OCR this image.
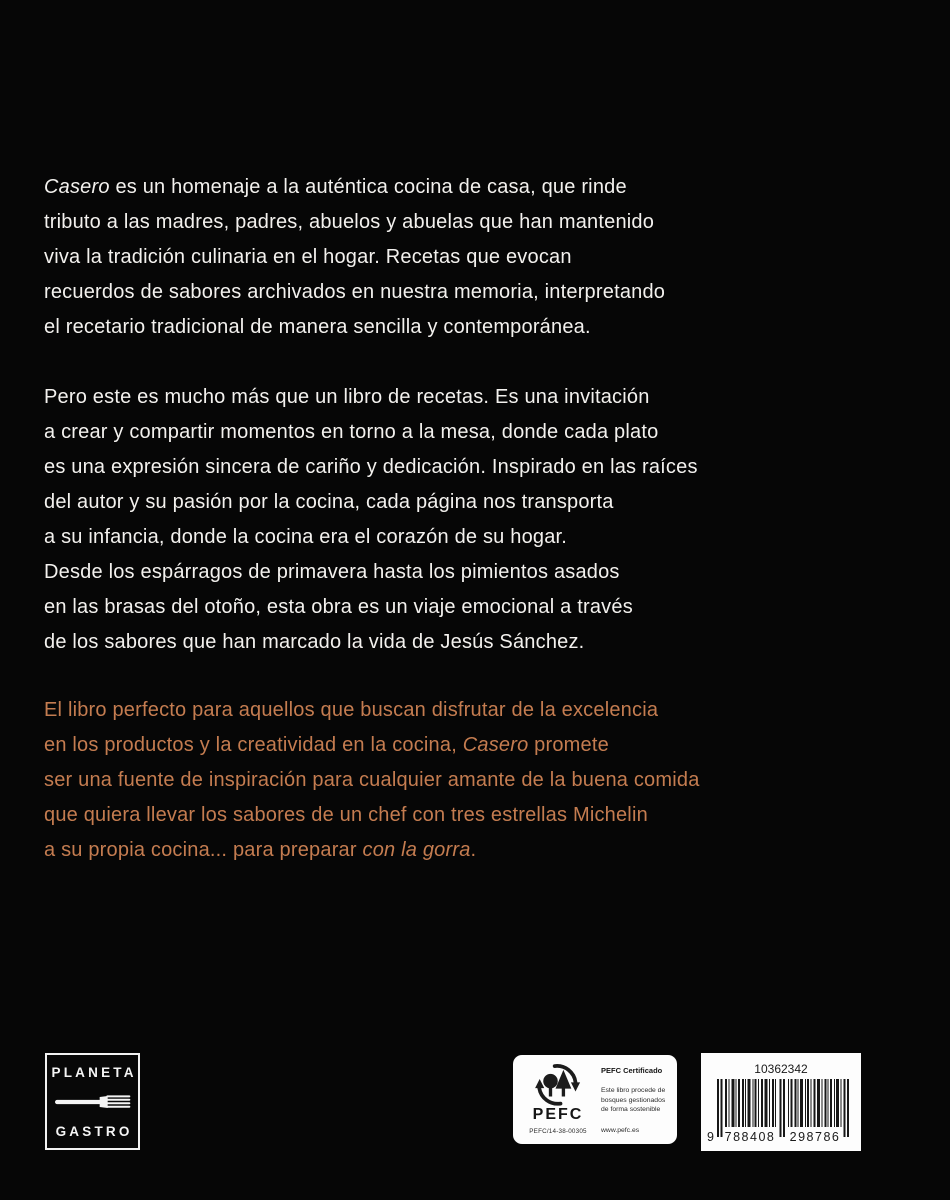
Casero es un homenaje a la auténtica cocina de casa, que rinde
tributo a las madres, padres, abuelos y abuelas que han mantenido
viva la tradición culinaria en el hogar. Recetas que evocan
recuerdos de sabores archivados en nuestra memoria, interpretando
el recetario tradicional de manera sencilla y contemporánea.
Pero este es mucho más que un libro de recetas. Es una invitación
a crear y compartir momentos en torno a la mesa, donde cada plato
es una expresión sincera de cariño y dedicación. Inspirado en las raíces
del autor y su pasión por la cocina, cada página nos transporta
a su infancia, donde la cocina era el corazón de su hogar.
Desde los espárragos de primavera hasta los pimientos asados
en las brasas del otoño, esta obra es un viaje emocional a través
de los sabores que han marcado la vida de Jesús Sánchez.
El libro perfecto para aquellos que buscan disfrutar de la excelencia
en los productos y la creatividad en la cocina, Casero promete
ser una fuente de inspiración para cualquier amante de la buena comida
que quiera llevar los sabores de un chef con tres estrellas Michelin
a su propia cocina... para preparar con la gorra.
PLANETA
GASTRO
PEFC
PEFC/14-38-00305
PEFC Certificado
Este libro procede de
bosques gestionados
de forma sostenible
www.pefc.es
10362342
9 788408 298786
